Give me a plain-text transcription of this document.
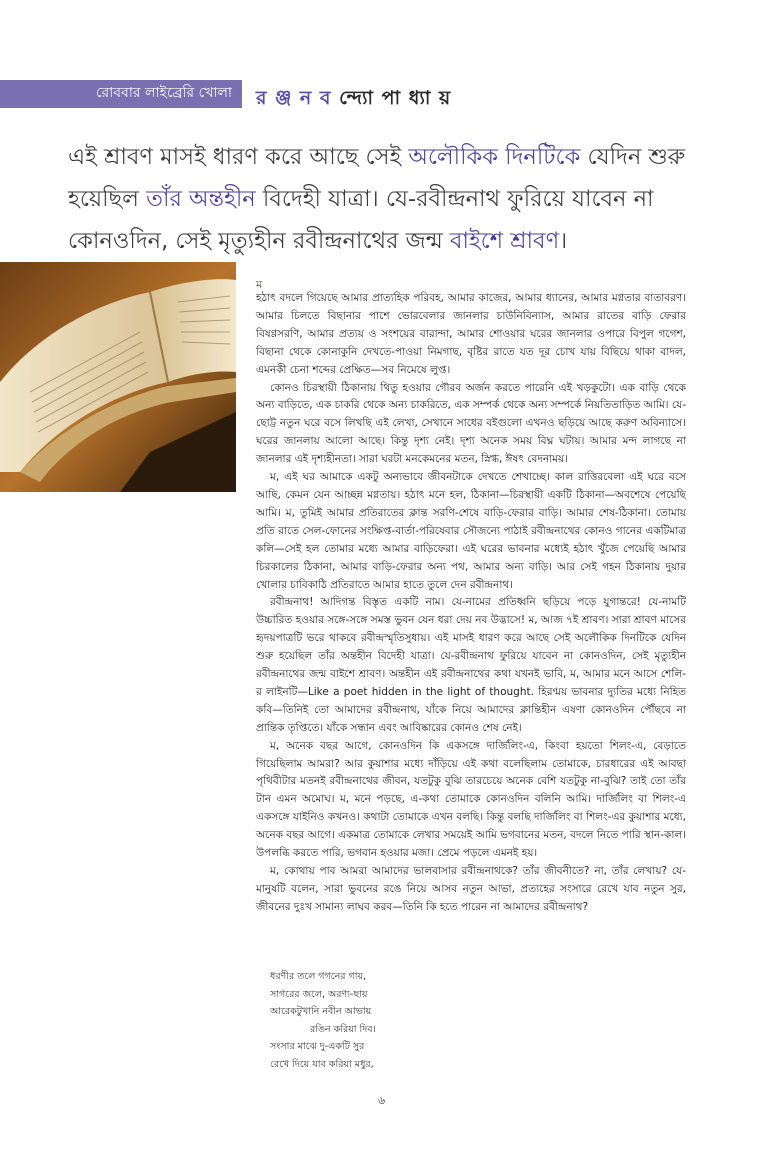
রোববার লাইব্রেরি খোলা	র ঞ্জ ন ব ন্দ্যো পা ধ্যা য়
এই শ্রাবণ মাসই ধারণ করে আছে সেই অলৌকিক দিনটিকে যেদিন শুরু হয়েছিল তাঁর অন্তহীন বিদেহী যাত্রা। যে-রবীন্দ্রনাথ ফুরিয়ে যাবেন না কোনওদিন, সেই মৃত্যুহীন রবীন্দ্রনাথের জন্ম বাইশে শ্রাবণ।
ম

হঠাৎ বদলে গিয়েছে আমার প্রাত্যহিক পরিবহ, আমার কাজের, আমার ধ্যানের, আমার মগ্নতার বাতাবরণ। আমার চিলতে বিছানার পাশে ভোরবেলার জানলার চাউনিবিন্যাস, আমার রাতের বাড়ি ফেরার বিষণ্ণসরণি, আমার প্রত্যয় ও সংশয়ের বারান্দা, আমার শোওয়ার ঘরের জানলার ওপারে বিপুল গগেশ, বিছানা থেকে কোনাকুনি দেখতে-পাওয়া নিমগাছ, বৃষ্টির রাতে যত দূর চোখ যায় বিছিয়ে থাকা বাদল, এমনকী চেনা শব্দের প্রেক্ষিত—সব নিমেষে লুপ্ত।

কোনও চিরস্থায়ী ঠিকানায় থিতু হওয়ার গৌরব অর্জন করতে পারেনি এই খড়কুটো। এক বাড়ি থেকে অন্য বাড়িতে, এক চাকরি থেকে অন্য চাকরিতে, এক সম্পর্ক থেকে অন্য সম্পর্কে নিয়তিতাড়িত আমি। যে-ছোট্ট নতুন ঘরে বসে লিখছি এই লেখা, সেখানে সাধের বইগুলো এখনও ছড়িয়ে আছে করুণ অবিন্যাসে। ঘরের জানলায় আলো আছে। কিন্তু দৃশ্য নেই। দৃশ্য অনেক সময় বিঘ্ন ঘটায়। আমার মন্দ লাগছে না জানলার এই দৃশ্যহীনতা। সারা ঘরটা মনকেমনের মতন, স্নিগ্ধ, ঈষৎ বেদনাময়।

ম, এই ঘর আমাকে একটু অন্যভাবে জীবনটাকে দেখতে শেখাচ্ছে। কাল রাত্তিরবেলা এই ঘরে বসে আছি, কেমন যেন আচ্ছন্ন মগ্নতায়। হঠাৎ মনে হল, ঠিকানা—চিরস্থায়ী একটি ঠিকানা—অবশেষে পেয়েছি আমি। ম, তুমিই আমার প্রতিরাতের ক্লান্ত সরণি-শেষে বাড়ি-ফেরার বাড়ি। আমার শেষ-ঠিকানা। তোমায় প্রতি রাতে সেল-ফোনের সংক্ষিপ্ত-বার্তা-পরিষেবার সৌজন্যে পাঠাই রবীন্দ্রনাথের কোনও গানের একটিমাত্র কলি—সেই হল তোমার মধ্যে আমার বাড়িফেরা। এই ঘরের ভাবনার মধ্যেই হঠাৎ খুঁজে পেয়েছি আমার চিরকালের ঠিকানা, আমার বাড়ি-ফেরার অন্য পথ, আমার অন্য বাড়ি। আর সেই গহন ঠিকানায় দুয়ার খোলার চাবিকাঠি প্রতিরাতে আমার হাতে তুলে দেন রবীন্দ্রনাথ।

রবীন্দ্রনাথ! আদিগন্ত বিস্তৃত একটি নাম। যে-নামের প্রতিধ্বনি ছড়িয়ে পড়ে যুগান্তরে! যে-নামটি উচ্চারিত হওয়ার সঙ্গে-সঙ্গে সমস্ত ভুবন যেন ধরা দেয় নব উদ্ভাসে! ম, আজ ৭ই শ্রাবণ। সারা শ্রাবণ মাসের হৃদয়পাত্রটি ভরে থাকবে রবীন্দ্রস্মৃতিসুধায়। এই মাসই ধারণ করে আছে সেই অলৌকিক দিনটিকে যেদিন শুরু হয়েছিল তাঁর অন্তহীন বিদেহী যাত্রা। যে-রবীন্দ্রনাথ ফুরিয়ে যাবেন না কোনওদিন, সেই মৃত্যুহীন রবীন্দ্রনাথের জন্ম বাইশে শ্রাবণ। অন্তহীন এই রবীন্দ্রনাথের কথা যখনই ভাবি, ম, আমার মনে আসে শেলি-র লাইনটি—Like a poet hidden in the light of thought. হিরণ্ময় ভাবনার দ্যুতির মধ্যে নিহিত কবি—তিনিই তো আমাদের রবীন্দ্রনাথ, যাঁকে নিয়ে আমাদের ক্লান্তিহীন এষণা কোনওদিন পৌঁছবে না প্রান্তিক তৃপ্তিতে। যাঁকে সন্ধান এবং আবিষ্কারের কোনও শেষ নেই।

ম, অনেক বছর আগে, কোনওদিন কি একসঙ্গে দার্জিলিং-এ, কিংবা হয়তো শিলং-এ, বেড়াতে গিয়েছিলাম আমরা? আর কুয়াশার মধ্যে দাঁড়িয়ে এই কথা বলেছিলাম তোমাকে, চারধারের এই আবছা পৃথিবীটার মতনই রবীন্দ্রনাথের জীবন, যতটুকু বুঝি তারচেয়ে অনেক বেশি যতটুকু না-বুঝি? তাই তো তাঁর টান এমন অমোঘ। ম, মনে পড়ছে, এ-কথা তোমাকে কোনওদিন বলিনি আমি। দার্জিলিং বা শিলং-এ একসঙ্গে যাইনিও কখনও। কথাটা তোমাকে এখন বলছি। কিন্তু বলছি দার্জিলিং বা শিলং-এর কুয়াশার মধ্যে, অনেক বছর আগে। একমাত্র তোমাকে লেখার সময়েই আমি ভগবানের মতন, বদলে নিতে পারি স্থান-কাল। উপলব্ধি করতে পারি, ভগবান হওয়ার মজা। প্রেমে পড়লে এমনই হয়।

ম, কোথায় পাব আমরা আমাদের ভালবাসার রবীন্দ্রনাথকে? তাঁর জীবনীতে? না, তাঁর লেখায়? যে-মানুষটি বলেন, সারা ভুবনের রঙে নিয়ে আসব নতুন আভা, প্রত্যহের সংসারে রেখে যাব নতুন সুর, জীবনের দুঃখ সামান্য লাঘব করব—তিনি কি হতে পারেন না আমাদের রবীন্দ্রনাথ?

ধরণীর তলে গগনের গায়,
সাগরের জলে, অরণ্য-ছায়
আরেকটুখানি নবীন আভায়
রঙিন করিয়া দিব।
সংসার মাঝে দু-একটি সুর
রেখে দিয়ে যাব করিয়া মধুর,
৬
